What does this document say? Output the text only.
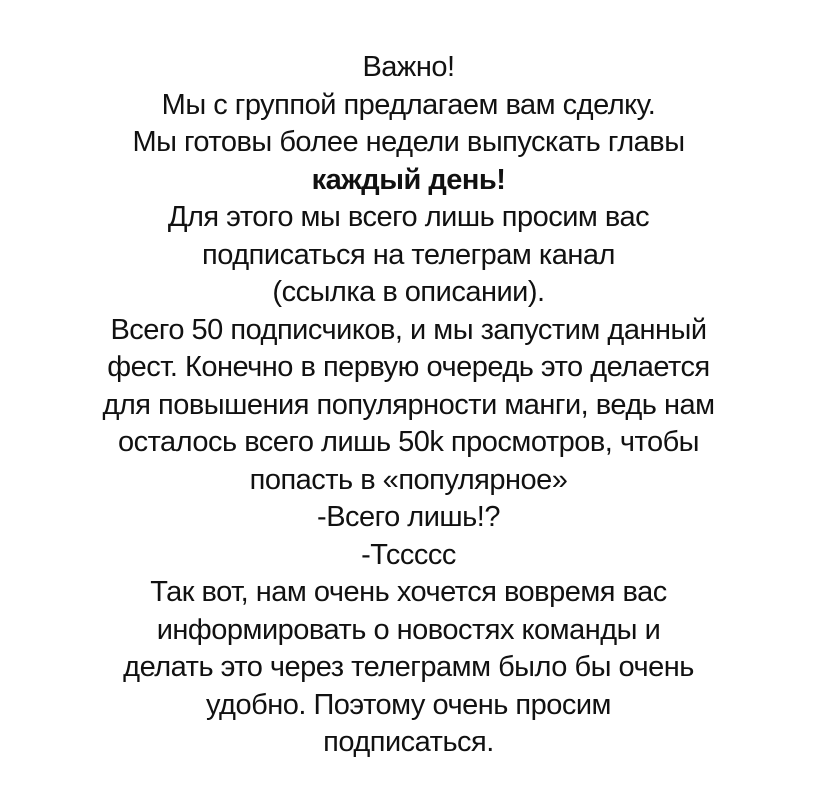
Важно!
Мы с группой предлагаем вам сделку.
Мы готовы более недели выпускать главы
каждый день!
Для этого мы всего лишь просим вас
подписаться на телеграм канал
(ссылка в описании).
Всего 50 подписчиков, и мы запустим данный
фест. Конечно в первую очередь это делается
для повышения популярности манги, ведь нам
осталось всего лишь 50k просмотров, чтобы
попасть в «популярное»
-Всего лишь!?
-Тссссс
Так вот, нам очень хочется вовремя вас
информировать о новостях команды и
делать это через телеграмм было бы очень
удобно. Поэтому очень просим
подписаться.
